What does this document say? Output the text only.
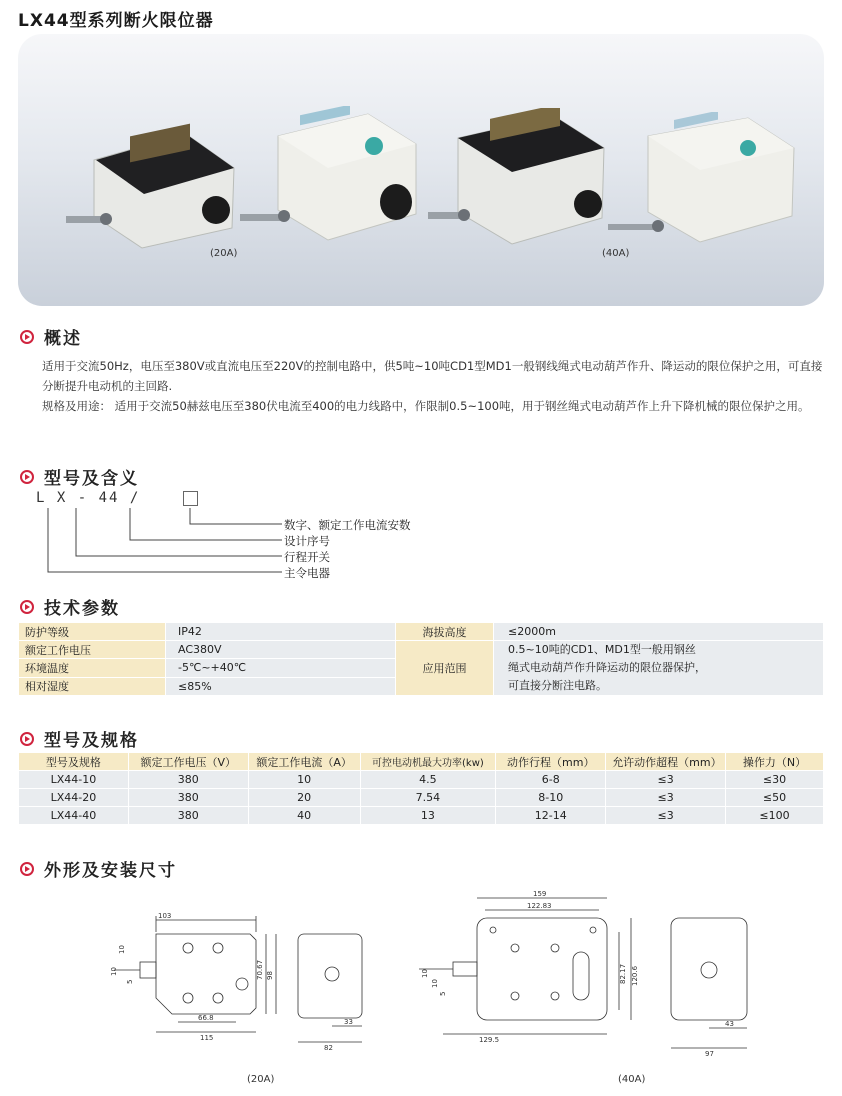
LX44型系列断火限位器
(20A)	(40A)
概述
适用于交流50Hz，电压至380V或直流电压至220V的控制电路中，供5吨~10吨CD1型MD1一般钢线绳式电动葫芦作升、降运动的限位保护之用，可直接分断提升电动机的主回路.
规格及用途： 适用于交流50赫兹电压至380伏电流至400的电力线路中，作限制0.5~100吨，用于钢丝绳式电动葫芦作上升下降机械的限位保护之用。
型号及含义
L X - 44 /
数字、额定工作电流安数
设计序号
行程开关
主令电器
技术参数
防护等级	IP42	海拔高度	≤2000m
额定工作电压	AC380V	应用范围	0.5~10吨的CD1、MD1型一般用钢丝
绳式电动葫芦作升降运动的限位器保护，
可直接分断注电路。

环境温度	-5℃~+40℃		
相对湿度	≤85%		
型号及规格
型号及规格	额定工作电压（V）	额定工作电流（A）	可控电动机最大功率(kw)	动作行程（mm）	允许动作超程（mm）	操作力（N）
LX44-10	380	10	4.5	6-8	≤3	≤30
LX44-20	380	20	7.54	8-10	≤3	≤50
LX44-40	380	40	13	12-14	≤3	≤100
外形及安装尺寸
103
70.67 98
66.8
115
33
82
10
10
5
(20A)
159
122.83
82.17 120.6
129.5
43
97
10
10
5
(40A)
